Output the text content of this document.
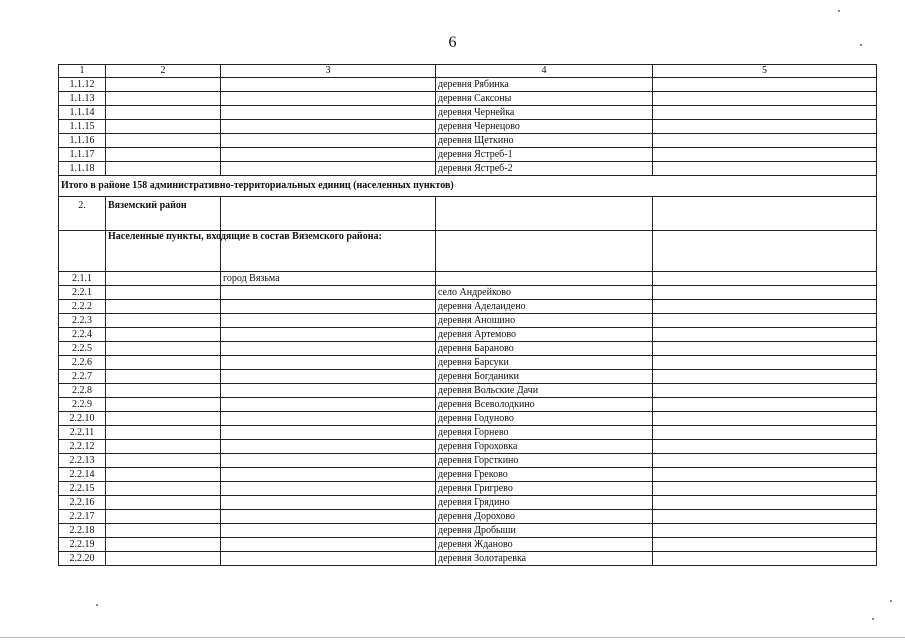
6
1	2	3	4	5
1.1.12			деревня Рябинка	
1.1.13			деревня Саксоны	
1.1.14			деревня Чернейка	
1.1.15			деревня Чернецово	
1.1.16			деревня Щеткино	
1.1.17			деревня Ястреб-1	
1.1.18			деревня Ястреб-2	
Итого в районе 158 административно-территориальных единиц (населенных пунктов)				
2.	Вяземский район			
	Населенные пункты, входящие в состав Вяземского района:			
2.1.1		город Вязьма		
2.2.1			село Андрейково	
2.2.2			деревня Аделаидено	
2.2.3			деревня Аношино	
2.2.4			деревня Артемово	
2.2.5			деревня Бараново	
2.2.6			деревня Барсуки	
2.2.7			деревня Богданики	
2.2.8			деревня Вольские Дачи	
2.2.9			деревня Всеволодкино	
2.2.10			деревня Годуново	
2.2.11			деревня Горнево	
2.2.12			деревня Гороховка	
2.2.13			деревня Горсткино	
2.2.14			деревня Греково	
2.2.15			деревня Григрево	
2.2.16			деревня Грядино	
2.2.17			деревня Дорохово	
2.2.18			деревня Дробыши	
2.2.19			деревня Жданово	
2.2.20			деревня Золотаревка	
